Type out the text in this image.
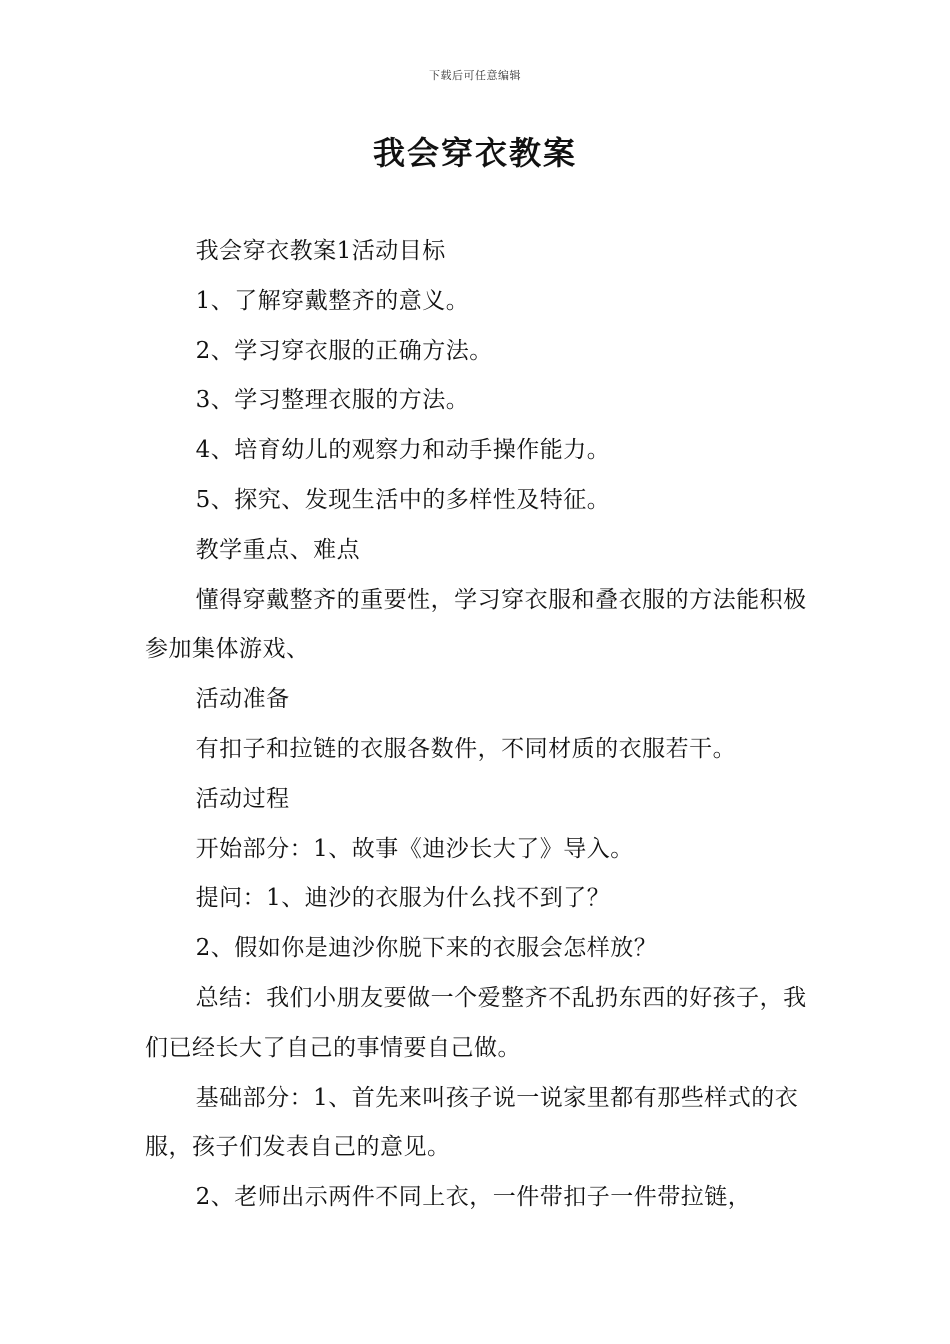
下载后可任意编辑
我会穿衣教案

我会穿衣教案1活动目标

1、了解穿戴整齐的意义。

2、学习穿衣服的正确方法。

3、学习整理衣服的方法。

4、培育幼儿的观察力和动手操作能力。

5、探究、发现生活中的多样性及特征。

教学重点、难点

懂得穿戴整齐的重要性，学习穿衣服和叠衣服的方法能积极参加集体游戏、

活动准备

有扣子和拉链的衣服各数件，不同材质的衣服若干。

活动过程

开始部分：1、故事《迪沙长大了》导入。

提问：1、迪沙的衣服为什么找不到了？

2、假如你是迪沙你脱下来的衣服会怎样放？

总结：我们小朋友要做一个爱整齐不乱扔东西的好孩子，我们已经长大了自己的事情要自己做。

基础部分：1、首先来叫孩子说一说家里都有那些样式的衣服，孩子们发表自己的意见。

2、老师出示两件不同上衣，一件带扣子一件带拉链，
